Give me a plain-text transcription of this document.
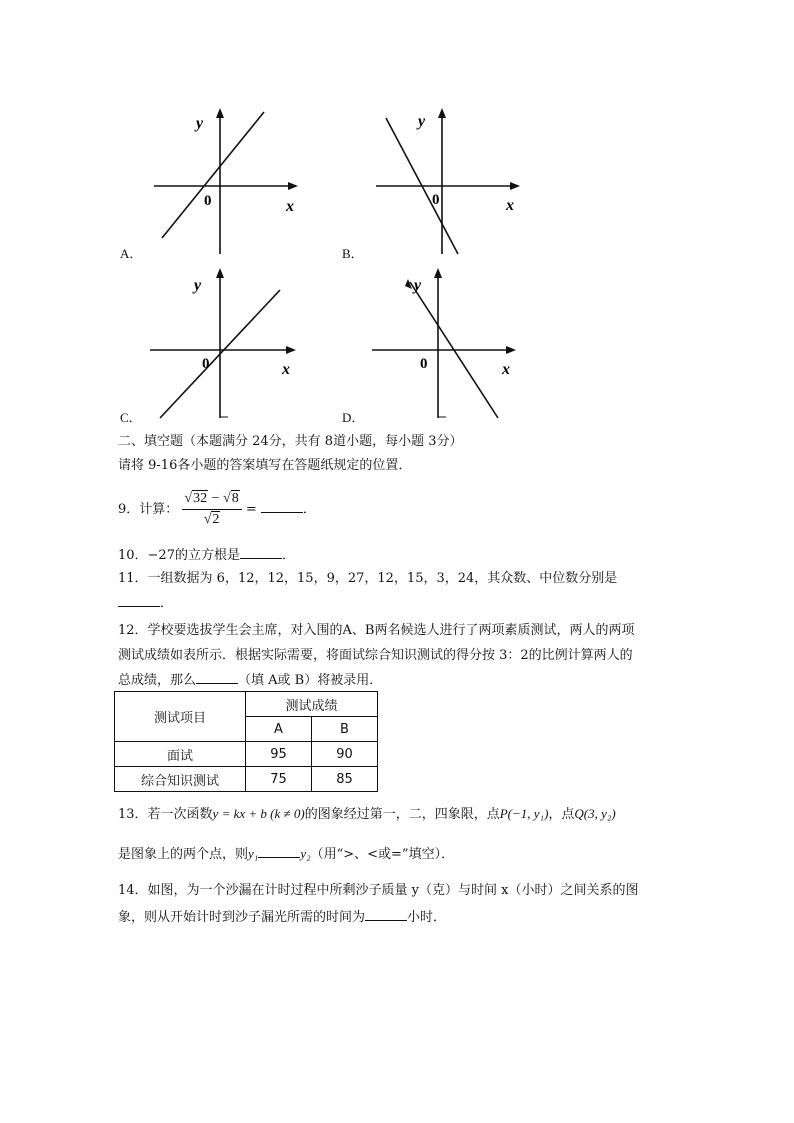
y
x
0
A．
y
x
0
B．
y
x
0
C．
y
x
0
D．
二、填空题（本题满分 24分，共有 8道小题，每小题 3分）
请将 9-16各小题的答案填写在答题纸规定的位置．
9．计算： $\frac{√32 - √8}{√2}$ =	．
10．−27的立方根是	．
11．一组数据为 6，12，12，15，9，27，12，15，3，24，其众数、中位数分别是
．
12．学校要选拔学生会主席，对入围的A、B两名候选人进行了两项素质测试，两人的两项
测试成绩如表所示．根据实际需要，将面试综合知识测试的得分按 3：2的比例计算两人的
总成绩，那么	（填 A或 B）将被录用．
测试项目	测试成绩	
	A	B
面试	95	90
综合知识测试	75	85
13．若一次函数y = kx + b (k ≠ 0)的图象经过第一，二，四象限，点P(−1, y₁)，点Q(3, y₂)
是图象上的两个点，则y₁	y₂（用“>、<或=”填空）．
14．如图，为一个沙漏在计时过程中所剩沙子质量 y（克）与时间 x（小时）之间关系的图
象，则从开始计时到沙子漏光所需的时间为	小时．
